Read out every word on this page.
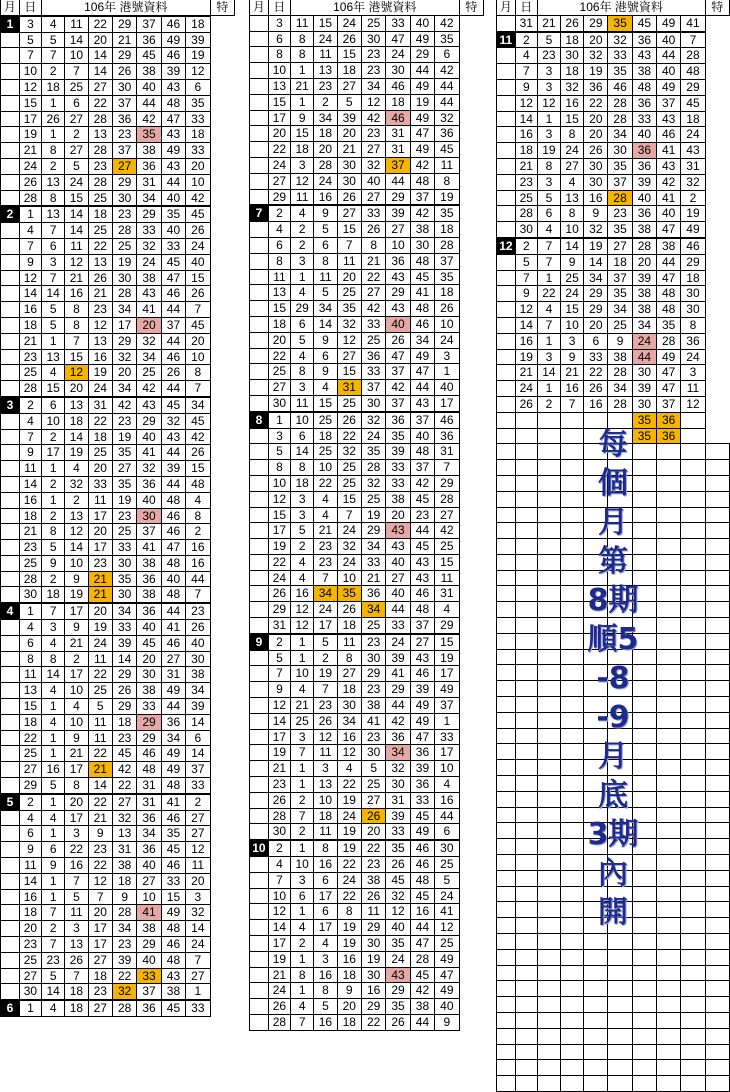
月	日	106年 港號資料							特
1	3	4	11	22	29	37	46	18	
	5	5	14	20	21	36	49	39	
	7	7	10	14	29	45	46	19	
	10	2	7	14	26	38	39	12	
	12	18	25	27	30	40	43	6	
	15	1	6	22	37	44	48	35	
	17	26	27	28	36	42	47	33	
	19	1	2	13	23	35	43	18	
	21	8	27	28	37	38	49	33	
	24	2	5	23	27	36	43	20	
	26	13	24	28	29	31	44	10	
	28	8	15	25	30	34	40	42	
2	1	13	14	18	23	29	35	45	
	4	7	14	25	28	33	40	26	
	7	6	11	22	25	32	33	24	
	9	3	12	13	19	24	45	40	
	12	7	21	26	30	38	47	15	
	14	14	16	21	28	43	46	26	
	16	5	8	23	34	41	44	7	
	18	5	8	12	17	20	37	45	
	21	1	7	13	29	32	44	20	
	23	13	15	16	32	34	46	10	
	25	4	12	19	20	25	26	8	
	28	15	20	24	34	42	44	7	
3	2	6	13	31	42	43	45	34	
	4	10	18	22	23	29	32	45	
	7	2	14	18	19	40	43	42	
	9	17	19	25	35	41	44	26	
	11	1	4	20	27	32	39	15	
	14	2	32	33	35	36	44	48	
	16	1	2	11	19	40	48	4	
	18	2	13	17	23	30	46	8	
	21	8	12	20	25	37	46	2	
	23	5	14	17	33	41	47	16	
	25	9	10	23	30	38	48	16	
	28	2	9	21	35	36	40	44	
	30	18	19	21	30	38	48	7	
4	1	7	17	20	34	36	44	23	
	4	3	9	19	33	40	41	26	
	6	4	21	24	39	45	46	40	
	8	8	2	11	14	20	27	30	
	11	14	17	22	29	30	31	38	
	13	4	10	25	26	38	49	34	
	15	1	4	5	29	33	44	39	
	18	4	10	11	18	29	36	14	
	22	1	9	11	23	29	34	6	
	25	1	21	22	45	46	49	14	
	27	16	17	21	42	48	49	37	
	29	5	8	14	22	31	48	33	
5	2	1	20	22	27	31	41	2	
	4	4	17	21	32	36	46	27	
	6	1	3	9	13	34	35	27	
	9	6	22	23	31	36	45	12	
	11	9	16	22	38	40	46	11	
	14	1	7	12	18	27	33	20	
	16	1	5	7	9	10	15	3	
	18	7	11	20	28	41	49	32	
	20	2	3	17	34	38	48	14	
	23	7	13	17	23	29	46	24	
	25	23	26	27	39	40	48	7	
	27	5	7	18	22	33	43	27	
	30	14	18	23	32	37	38	1	
6	1	4	18	27	28	36	45	33	
月	日	106年 港號資料							特
	3	11	15	24	25	33	40	42	
	6	8	24	26	30	47	49	35	
	8	8	11	15	23	24	29	6	
	10	1	13	18	23	30	44	42	
	13	21	23	27	34	46	49	44	
	15	1	2	5	12	18	19	44	
	17	9	34	39	42	46	49	32	
	20	15	18	20	23	31	47	36	
	22	18	20	21	27	31	49	45	
	24	3	28	30	32	37	42	11	
	27	12	24	30	40	44	48	8	
	29	11	16	26	27	29	37	19	
7	2	4	9	27	33	39	42	35	
	4	2	5	15	26	27	38	18	
	6	2	6	7	8	10	30	28	
	8	3	8	11	21	36	48	37	
	11	1	11	20	22	43	45	35	
	13	4	5	25	27	29	41	18	
	15	29	34	35	42	43	48	26	
	18	6	14	32	33	40	46	10	
	20	5	9	12	25	26	34	24	
	22	4	6	27	36	47	49	3	
	25	8	9	15	33	37	47	1	
	27	3	4	31	37	42	44	40	
	30	11	15	25	30	37	43	17	
8	1	10	25	26	32	36	37	46	
	3	6	18	22	24	35	40	36	
	5	14	25	32	35	39	48	31	
	8	8	10	25	28	33	37	7	
	10	18	22	25	32	33	42	29	
	12	3	4	15	25	38	45	28	
	15	3	4	7	19	20	23	27	
	17	5	21	24	29	43	44	42	
	19	2	23	32	34	43	45	25	
	22	4	23	24	33	40	43	15	
	24	4	7	10	21	27	43	11	
	26	16	34	35	36	40	46	31	
	29	12	24	26	34	44	48	4	
	31	12	17	18	25	33	37	29	
9	2	1	5	11	23	24	27	15	
	5	1	2	8	30	39	43	19	
	7	10	19	27	29	41	46	17	
	9	4	7	18	23	29	39	49	
	12	21	23	30	38	44	49	37	
	14	25	26	34	41	42	49	1	
	17	3	12	16	23	36	47	33	
	19	7	11	12	30	34	36	17	
	21	1	3	4	5	32	39	10	
	23	1	13	22	25	30	36	4	
	26	2	10	19	27	31	33	16	
	28	7	18	24	26	39	45	44	
	30	2	11	19	20	33	49	6	
10	2	1	8	19	22	35	46	30	
	4	10	16	22	23	26	46	25	
	7	3	6	24	38	45	48	5	
	10	6	17	22	26	32	45	24	
	12	1	6	8	11	12	16	41	
	14	4	17	19	29	40	44	12	
	17	2	4	19	30	35	47	25	
	19	1	3	16	19	24	28	49	
	21	8	16	18	30	43	45	47	
	24	1	8	9	16	29	42	49	
	26	4	5	20	29	35	38	40	
	28	7	16	18	22	26	44	9	
月	日	106年 港號資料							特
	31	21	26	29	35	45	49	41	
11	2	5	18	20	32	36	40	7	
	4	23	30	32	33	43	44	28	
	7	3	18	19	35	38	40	48	
	9	3	32	36	46	48	49	29	
	12	12	16	22	28	36	37	45	
	14	1	15	20	28	33	43	18	
	16	3	8	20	34	40	46	24	
	18	19	24	26	30	36	41	43	
	21	8	27	30	35	36	43	31	
	23	3	4	30	37	39	42	32	
	25	5	13	16	28	40	41	2	
	28	6	8	9	23	36	40	19	
	30	4	10	32	35	38	47	49	
12	2	7	14	19	27	28	38	46	
	5	7	9	14	18	20	44	29	
	7	1	25	34	37	39	47	18	
	9	22	24	29	35	38	48	30	
	12	4	15	29	34	38	48	30	
	14	7	10	20	25	34	35	8	
	16	1	3	6	9	24	28	36	
	19	3	9	33	38	44	49	24	
	21	14	21	22	28	30	47	3	
	24	1	16	26	34	39	47	11	
	26	2	7	16	28	30	37	12	
						35	36		
						35	36		

每
個
月
第
8期
順5
-8
-9
月
底
3期
內
開
